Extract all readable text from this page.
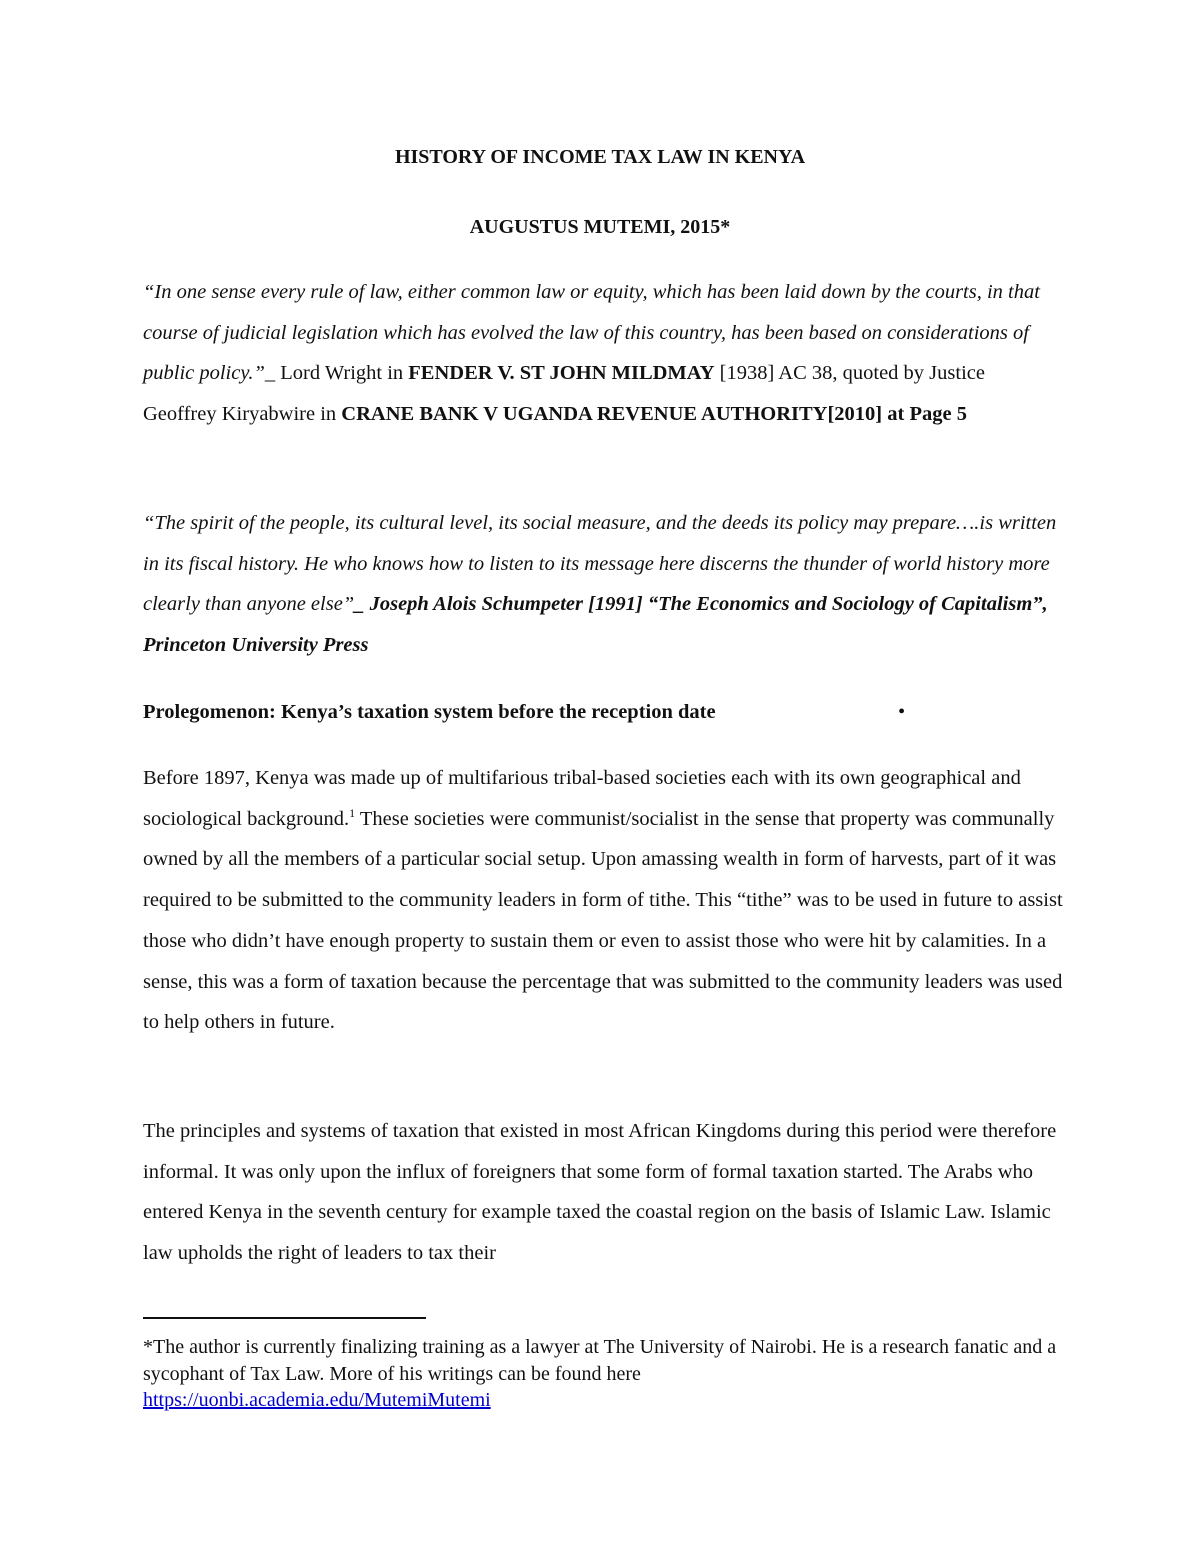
HISTORY OF INCOME TAX LAW IN KENYA
AUGUSTUS MUTEMI, 2015*

“In one sense every rule of law, either common law or equity, which has been laid down by the courts, in that course of judicial legislation which has evolved the law of this country, has been based on considerations of public policy.”_ Lord Wright in FENDER V. ST JOHN MILDMAY [1938] AC 38, quoted by Justice Geoffrey Kiryabwire in CRANE BANK V UGANDA REVENUE AUTHORITY[2010] at Page 5

“The spirit of the people, its cultural level, its social measure, and the deeds its policy may prepare….is written in its fiscal history. He who knows how to listen to its message here discerns the thunder of world history more clearly than anyone else”_ Joseph Alois Schumpeter [1991] “The Economics and Sociology of Capitalism”, Princeton University Press

Prolegomenon: Kenya’s taxation system before the reception date	•

Before 1897, Kenya was made up of multifarious tribal-based societies each with its own geographical and sociological background.$^1$ These societies were communist/socialist in the sense that property was communally owned by all the members of a particular social setup. Upon amassing wealth in form of harvests, part of it was required to be submitted to the community leaders in form of tithe. This “tithe” was to be used in future to assist those who didn’t have enough property to sustain them or even to assist those who were hit by calamities. In a sense, this was a form of taxation because the percentage that was submitted to the community leaders was used to help others in future.

The principles and systems of taxation that existed in most African Kingdoms during this period were therefore informal. It was only upon the influx of foreigners that some form of formal taxation started. The Arabs who entered Kenya in the seventh century for example taxed the coastal region on the basis of Islamic Law. Islamic law upholds the right of leaders to tax their

*The author is currently finalizing training as a lawyer at The University of Nairobi. He is a research fanatic and a sycophant of Tax Law. More of his writings can be found here
https://uonbi.academia.edu/MutemiMutemi
